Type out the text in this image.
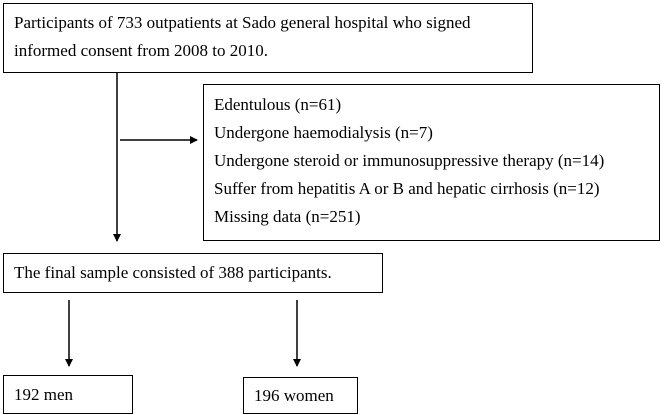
Participants of 733 outpatients at Sado general hospital who signed
informed consent from 2008 to 2010.
Edentulous (n=61)
Undergone haemodialysis (n=7)
Undergone steroid or immunosuppressive therapy (n=14)
Suffer from hepatitis A or B and hepatic cirrhosis (n=12)
Missing data (n=251)
The final sample consisted of 388 participants.
192 men	196 women
